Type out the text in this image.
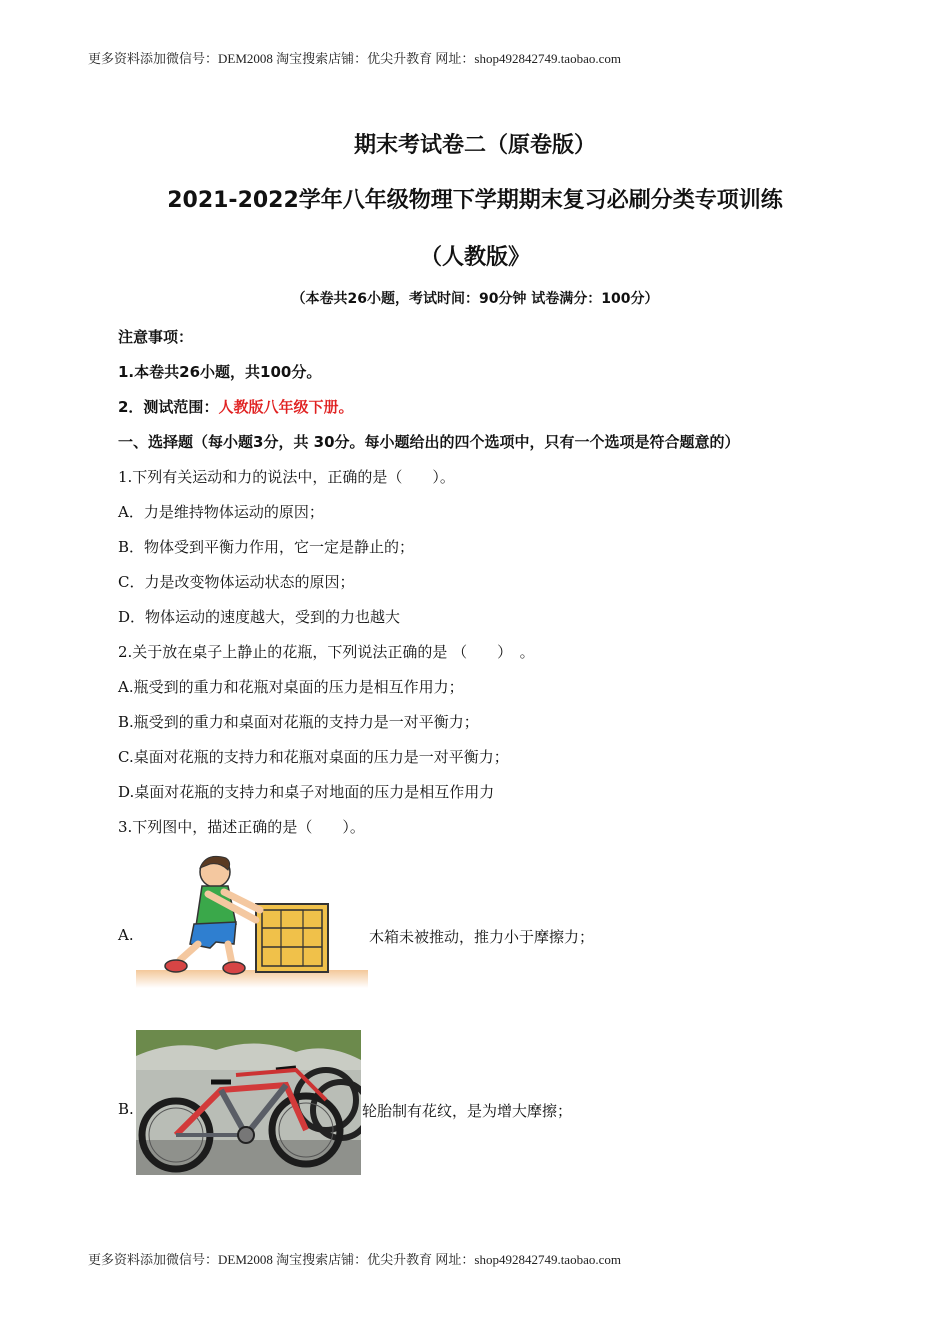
更多资料添加微信号：DEM2008 淘宝搜索店铺：优尖升教育 网址：shop492842749.taobao.com
期末考试卷二（原卷版）
2021-2022学年八年级物理下学期期末复习必刷分类专项训练
（人教版》
（本卷共26小题，考试时间：90分钟 试卷满分：100分）
注意事项：
1.本卷共26小题，共100分。
2．测试范围：人教版八年级下册。
一、选择题（每小题3分，共 30分。每小题给出的四个选项中，只有一个选项是符合题意的）
1.下列有关运动和力的说法中，正确的是（　　）。
A．力是维持物体运动的原因；
B．物体受到平衡力作用，它一定是静止的；
C．力是改变物体运动状态的原因；
D．物体运动的速度越大，受到的力也越大
2.关于放在桌子上静止的花瓶，下列说法正确的是 （　　）　。
A.瓶受到的重力和花瓶对桌面的压力是相互作用力；
B.瓶受到的重力和桌面对花瓶的支持力是一对平衡力；
C.桌面对花瓶的支持力和花瓶对桌面的压力是一对平衡力；
D.桌面对花瓶的支持力和桌子对地面的压力是相互作用力
3.下列图中，描述正确的是（　　）。
A.	木箱未被推动，推力小于摩擦力；
B.	轮胎制有花纹，是为增大摩擦；
更多资料添加微信号：DEM2008 淘宝搜索店铺：优尖升教育 网址：shop492842749.taobao.com
